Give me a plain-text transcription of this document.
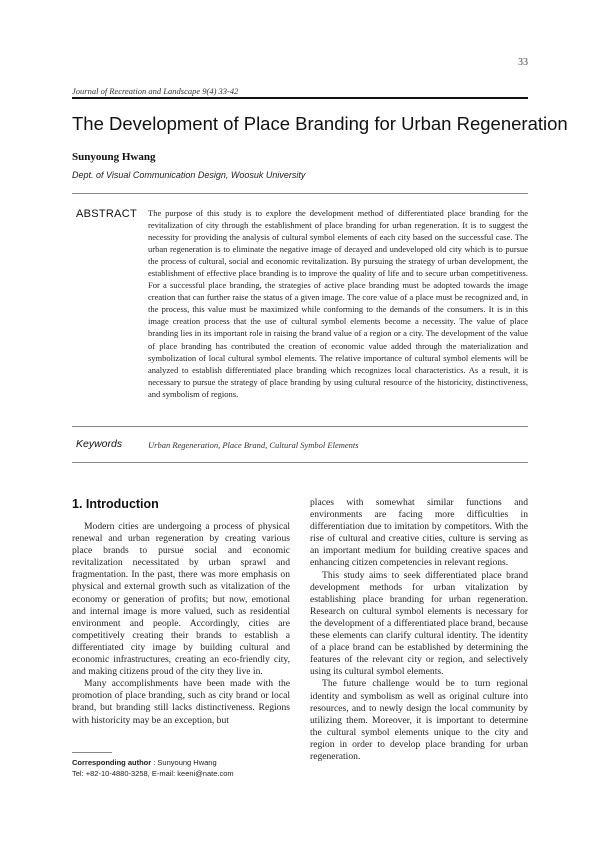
33
Journal of Recreation and Landscape 9(4) 33-42
The Development of Place Branding for Urban Regeneration
Sunyoung Hwang
Dept. of Visual Communication Design, Woosuk University
ABSTRACT The purpose of this study is to explore the development method of differentiated place branding for the revitalization of city through the establishment of place branding for urban regeneration. It is to suggest the necessity for providing the analysis of cultural symbol elements of each city based on the successful case. The urban regeneration is to eliminate the negative image of decayed and undeveloped old city which is to pursue the process of cultural, social and economic revitalization. By pursuing the strategy of urban development, the establishment of effective place branding is to improve the quality of life and to secure urban competitiveness. For a successful place branding, the strategies of active place branding must be adopted towards the image creation that can further raise the status of a given image. The core value of a place must be recognized and, in the process, this value must be maximized while conforming to the demands of the consumers. It is in this image creation process that the use of cultural symbol elements become a necessity. The value of place branding lies in its important role in raising the brand value of a region or a city. The development of the value of place branding has contributed the creation of economic value added through the materialization and symbolization of local cultural symbol elements. The relative importance of cultural symbol elements will be analyzed to establish differentiated place branding which recognizes local characteristics. As a result, it is necessary to pursue the strategy of place branding by using cultural resource of the historicity, distinctiveness, and symbolism of regions.
Keywords	Urban Regeneration, Place Brand, Cultural Symbol Elements
1. Introduction

Modern cities are undergoing a process of physical renewal and urban regeneration by creating various place brands to pursue social and economic revitalization necessitated by urban sprawl and fragmentation. In the past, there was more emphasis on physical and external growth such as vitalization of the economy or generation of profits; but now, emotional and internal image is more valued, such as residential environment and people. Accordingly, cities are competitively creating their brands to establish a differentiated city image by building cultural and economic infrastructures, creating an eco-friendly city, and making citizens proud of the city they live in.

Many accomplishments have been made with the promotion of place branding, such as city brand or local brand, but branding still lacks distinctiveness. Regions with historicity may be an exception, but

places with somewhat similar functions and environments are facing more difficulties in differentiation due to imitation by competitors. With the rise of cultural and creative cities, culture is serving as an important medium for building creative spaces and enhancing citizen competencies in relevant regions.

This study aims to seek differentiated place brand development methods for urban vitalization by establishing place branding for urban regeneration. Research on cultural symbol elements is necessary for the development of a differentiated place brand, because these elements can clarify cultural identity. The identity of a place brand can be established by determining the features of the relevant city or region, and selectively using its cultural symbol elements.

The future challenge would be to turn regional identity and symbolism as well as original culture into resources, and to newly design the local community by utilizing them. Moreover, it is important to determine the cultural symbol elements unique to the city and region in order to develop place branding for urban regeneration.

Corresponding author : Sunyoung Hwang
Tel: +82-10-4880-3258, E-mail: keeni@nate.com
